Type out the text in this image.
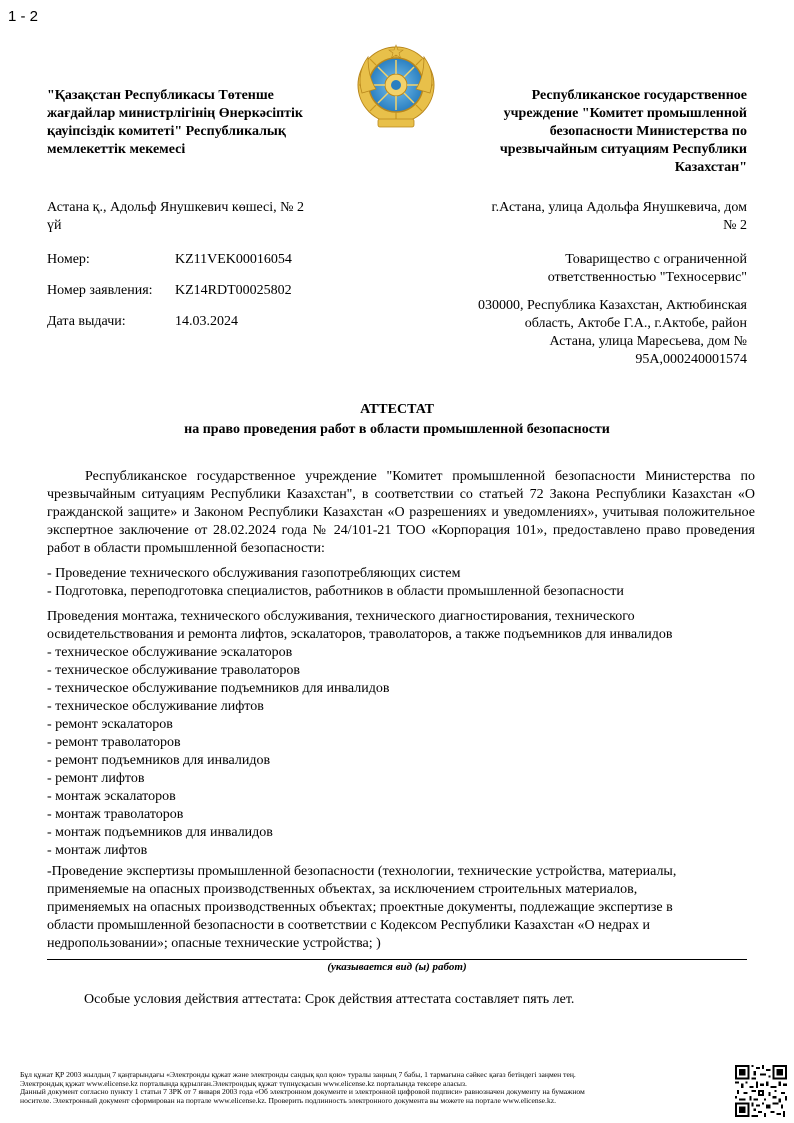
1 - 2
"Қазақстан Республикасы Төтенше
жағдайлар министрлігінің Өнеркәсіптік
қауіпсіздік комитеті" Республикалық
мемлекеттік мекемесі
Республиканское государственное
учреждение "Комитет промышленной
безопасности Министерства по
чрезвычайным ситуациям Республики
Казахстан"
Астана қ., Адольф Янушкевич көшесі, № 2
үй
г.Астана, улица Адольфа Янушкевича, дом
№ 2
Номер:	KZ11VEK00016054
Номер заявления: KZ14RDT00025802
Дата выдачи:	14.03.2024
Товарищество с ограниченной
ответственностью "Техносервис"
030000, Республика Казахстан, Актюбинская
область, Актобе Г.А., г.Актобе, район
Астана, улица Маресьева, дом №
95А,000240001574
АТТЕСТАТ
на право проведения работ в области промышленной безопасности
Республиканское государственное учреждение "Комитет промышленной безопасности Министерства по чрезвычайным ситуациям Республики Казахстан", в соответствии со статьей 72 Закона Республики Казахстан «О гражданской защите» и Законом Республики Казахстан «О разрешениях и уведомлениях», учитывая положительное экспертное заключение от 28.02.2024 года № 24/101-21 ТОО «Корпорация 101», предоставлено право проведения работ в области промышленной безопасности:
- Проведение технического обслуживания газопотребляющих систем
- Подготовка, переподготовка специалистов, работников в области промышленной безопасности
Проведения монтажа, технического обслуживания, технического диагностирования, технического
освидетельствования и ремонта лифтов, эскалаторов, траволаторов, а также подъемников для инвалидов
- техническое обслуживание эскалаторов
- техническое обслуживание траволаторов
- техническое обслуживание подъемников для инвалидов
- техническое обслуживание лифтов
- ремонт эскалаторов
- ремонт траволаторов
- ремонт подъемников для инвалидов
- ремонт лифтов
- монтаж эскалаторов
- монтаж траволаторов
- монтаж подъемников для инвалидов
- монтаж лифтов
-Проведение экспертизы промышленной безопасности (технологии, технические устройства, материалы,
применяемые на опасных производственных объектах, за исключением строительных материалов,
применяемых на опасных производственных объектах; проектные документы, подлежащие экспертизе в
области промышленной безопасности в соответствии с Кодексом Республики Казахстан «О недрах и
недропользовании»; опасные технические устройства; )
(указывается вид (ы) работ)
Особые условия действия аттестата: Срок действия аттестата составляет пять лет.
Бұл құжат ҚР 2003 жылдың 7 қаңтарындағы «Электронды құжат және электронды сандық қол қою» туралы заңның 7 бабы, 1 тармағына сәйкес қағаз бетіндегі заңмен тең.
Электрондық құжат www.elicense.kz порталында құрылған.Электрондық құжат түпнұсқасын www.elicense.kz порталында тексере аласыз.
Данный документ согласно пункту 1 статьи 7 ЗРК от 7 января 2003 года «Об электронном документе и электронной цифровой подписи» равнозначен документу на бумажном
носителе. Электронный документ сформирован на портале www.elicense.kz. Проверить подлинность электронного документа вы можете на портале www.elicense.kz.
